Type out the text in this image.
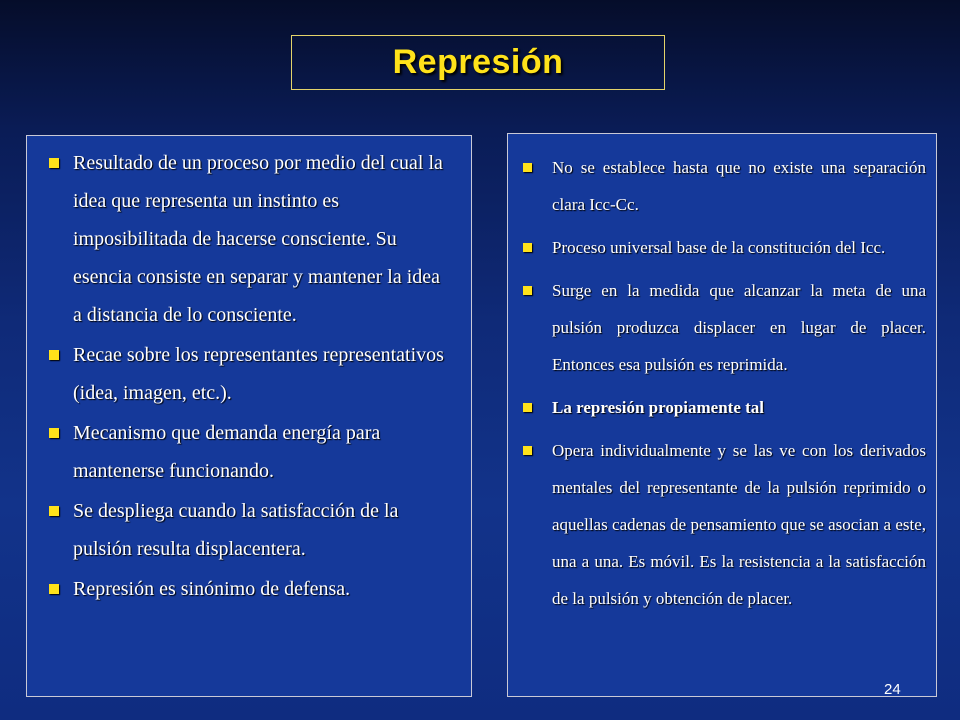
Represión
Resultado de un proceso por medio del cual la idea que representa un instinto es imposibilitada de hacerse consciente. Su esencia consiste en separar y mantener la idea a distancia de lo consciente.
Recae sobre los representantes representativos (idea, imagen, etc.).
Mecanismo que demanda energía para mantenerse funcionando.
Se despliega cuando la satisfacción de la pulsión resulta displacentera.
Represión es sinónimo de defensa.
No se establece hasta que no existe una separación clara Icc-Cc.
Proceso universal base de la constitución del Icc.
Surge en la medida que alcanzar la meta de una pulsión produzca displacer en lugar de placer. Entonces esa pulsión es reprimida.
La represión propiamente tal
Opera individualmente y se las ve con los derivados mentales del representante de la pulsión reprimido o aquellas cadenas de pensamiento que se asocian a este, una a una. Es móvil. Es la resistencia a la satisfacción de la pulsión y obtención de placer.
24
